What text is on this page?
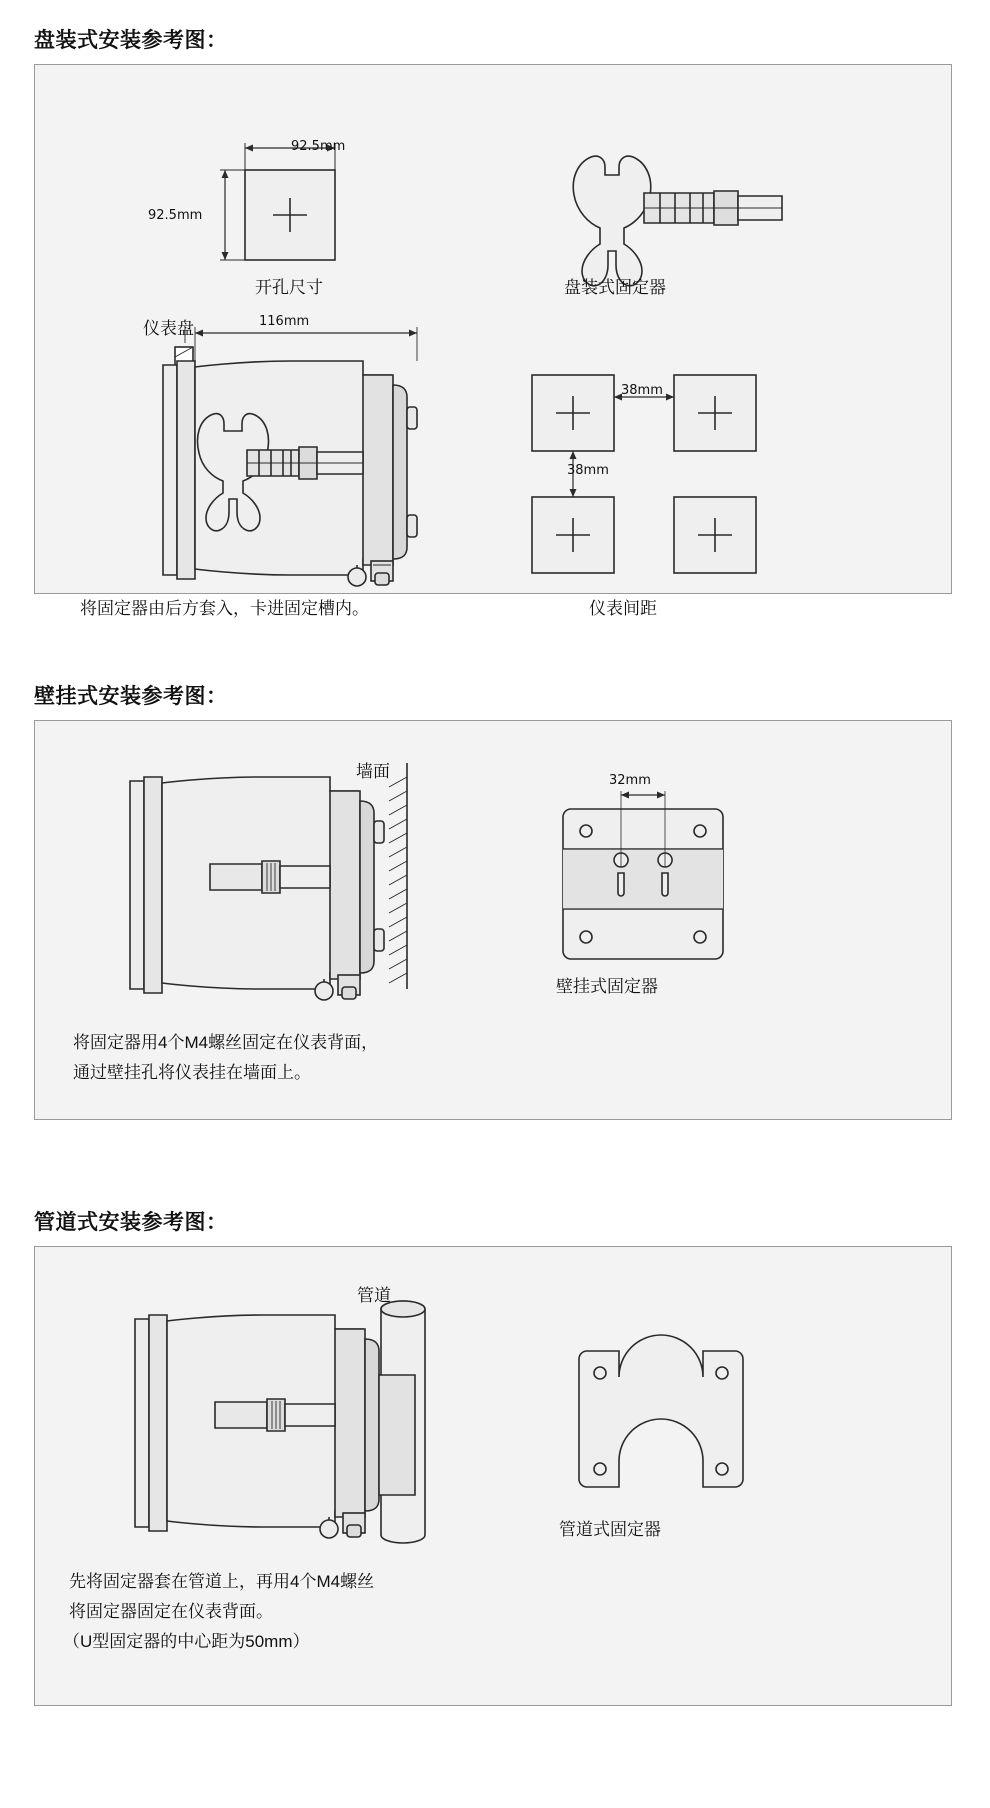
盘装式安装参考图：
92.5mm
92.5mm
开孔尺寸	盘装式固定器
仪表盘	116mm
38mm
38mm
将固定器由后方套入，卡进固定槽内。	仪表间距
壁挂式安装参考图：
墙面	32mm
壁挂式固定器
将固定器用4个M4螺丝固定在仪表背面，
通过壁挂孔将仪表挂在墙面上。
管道式安装参考图：
管道
管道式固定器
先将固定器套在管道上，再用4个M4螺丝
将固定器固定在仪表背面。
（U型固定器的中心距为50mm）
